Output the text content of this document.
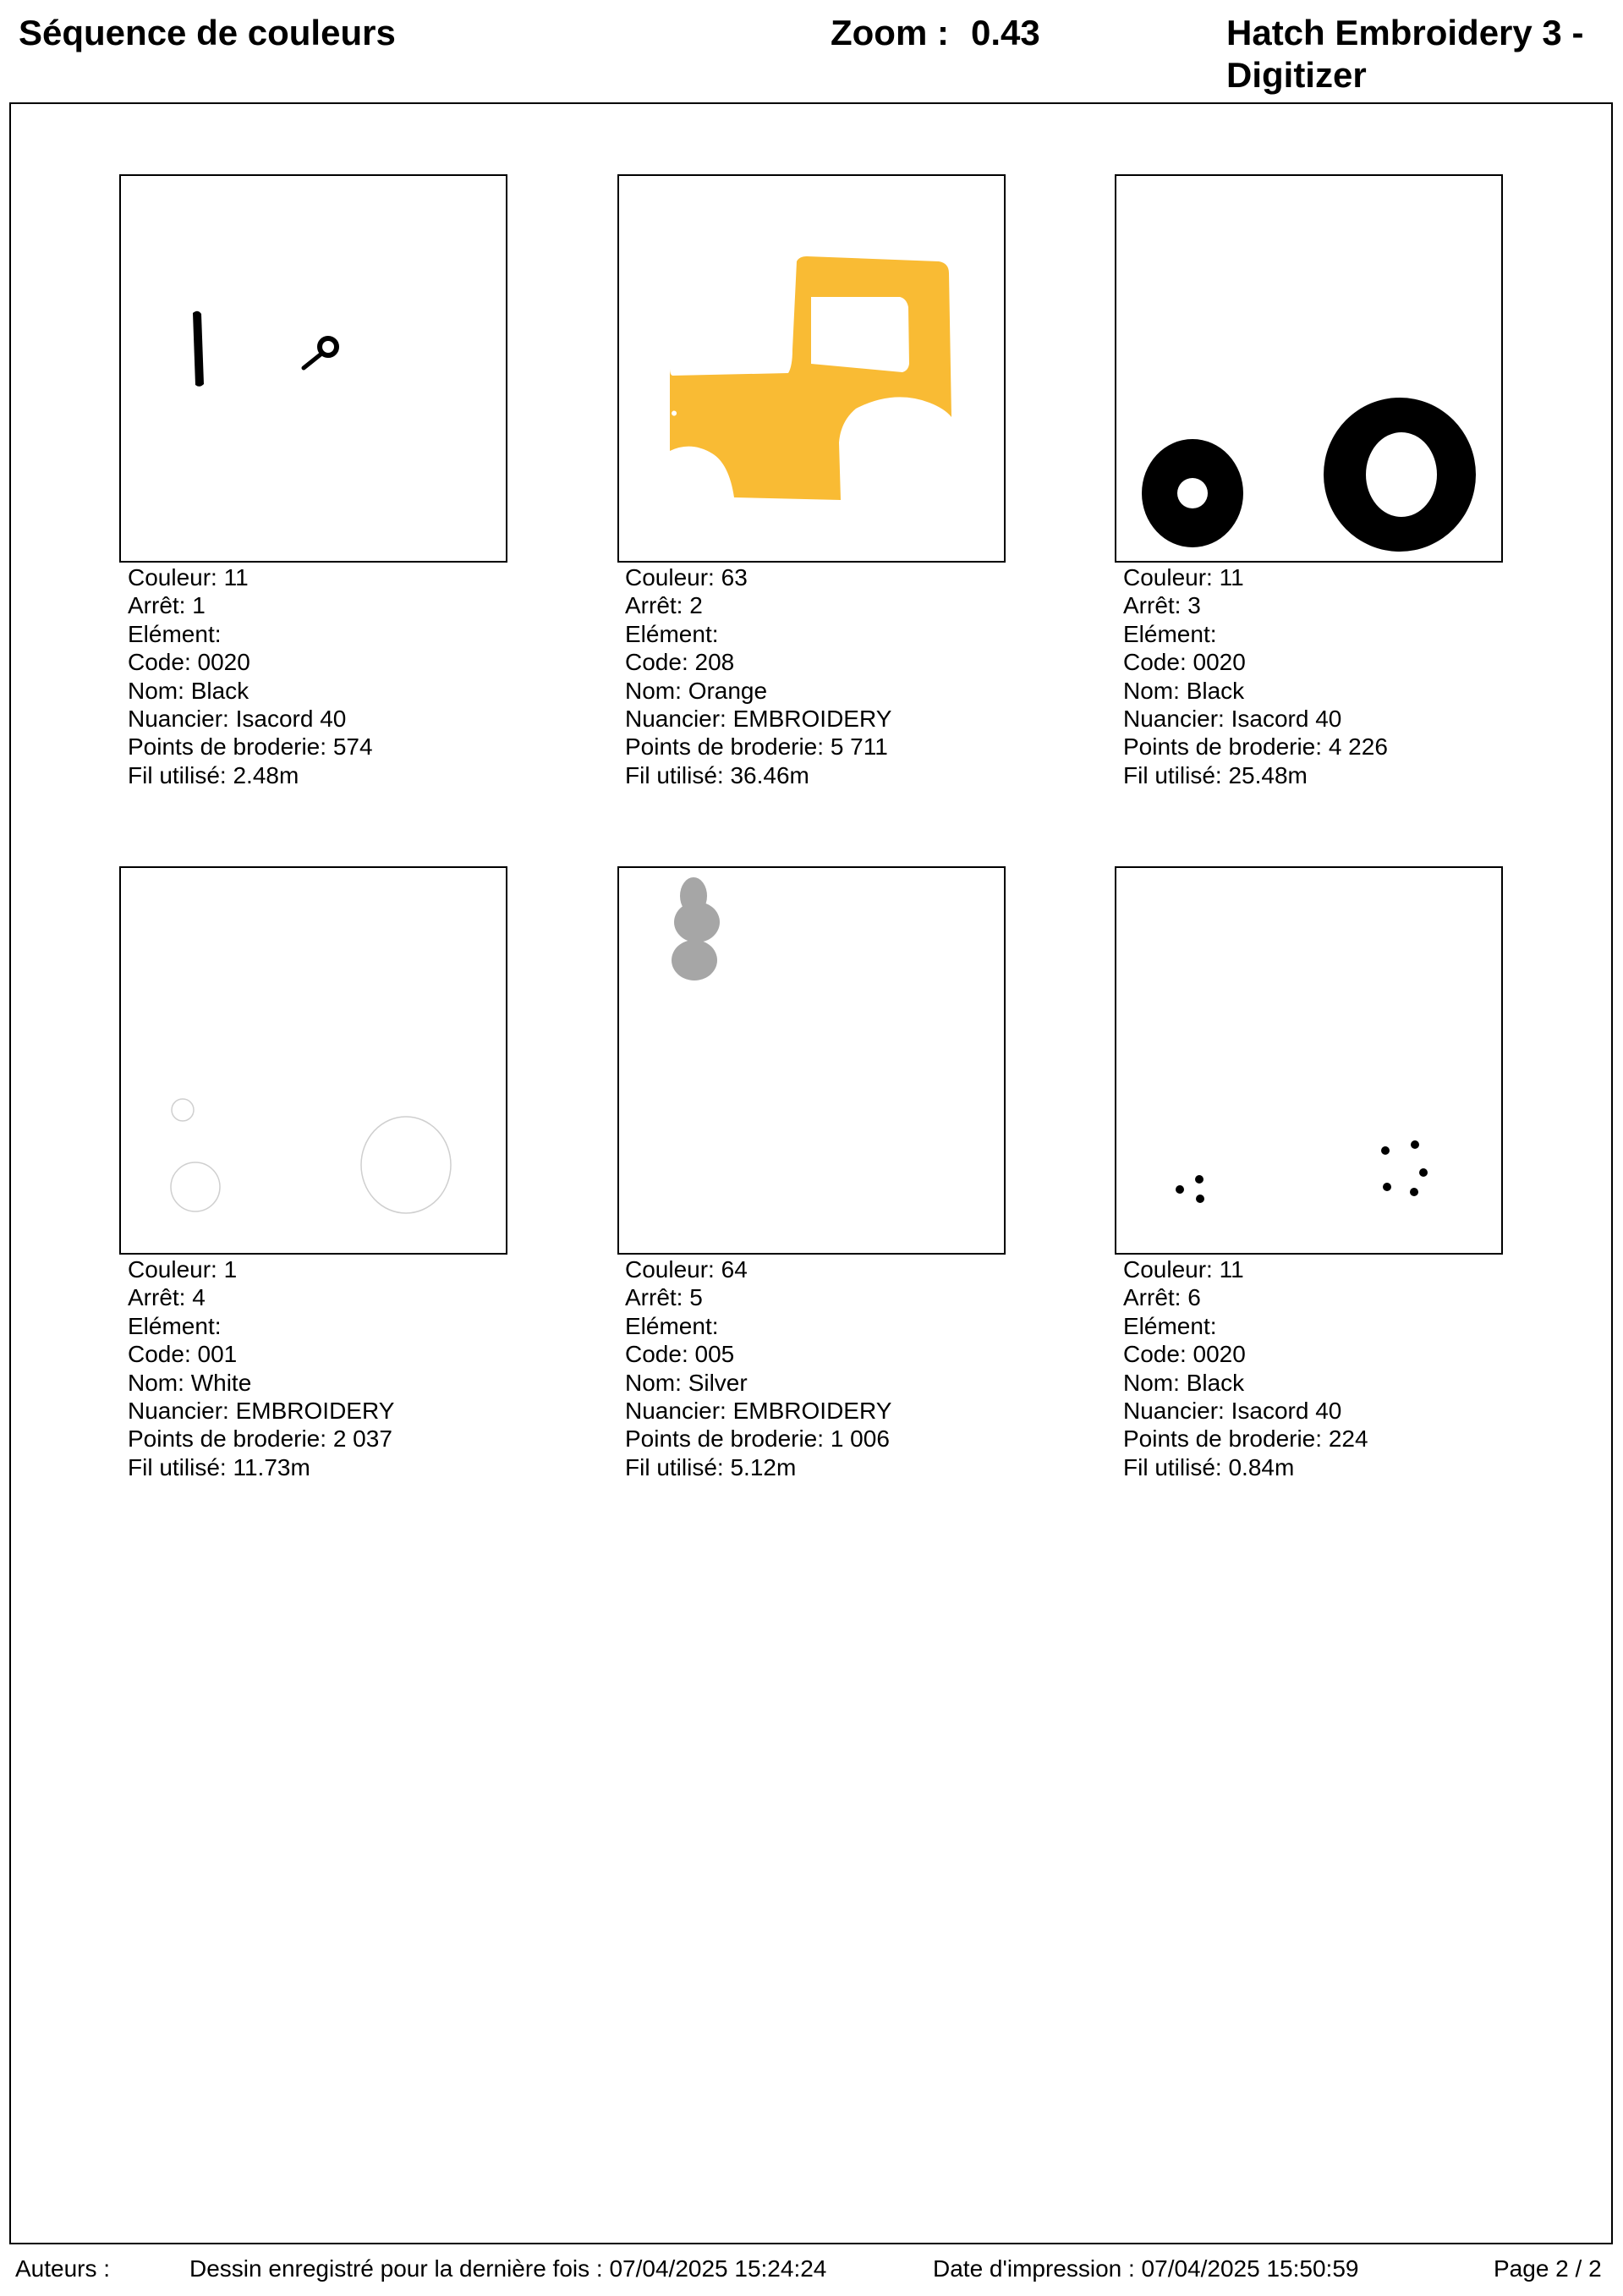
Séquence de couleurs	Zoom : 0.43	Hatch Embroidery 3 - Digitizer
Couleur: 11
Arrêt: 1
Elément:
Code: 0020
Nom: Black
Nuancier: Isacord 40
Points de broderie: 574
Fil utilisé: 2.48m
Couleur: 63
Arrêt: 2
Elément:
Code: 208
Nom: Orange
Nuancier: EMBROIDERY
Points de broderie: 5 711
Fil utilisé: 36.46m
Couleur: 11
Arrêt: 3
Elément:
Code: 0020
Nom: Black
Nuancier: Isacord 40
Points de broderie: 4 226
Fil utilisé: 25.48m
Couleur: 1
Arrêt: 4
Elément:
Code: 001
Nom: White
Nuancier: EMBROIDERY
Points de broderie: 2 037
Fil utilisé: 11.73m
Couleur: 64
Arrêt: 5
Elément:
Code: 005
Nom: Silver
Nuancier: EMBROIDERY
Points de broderie: 1 006
Fil utilisé: 5.12m
Couleur: 11
Arrêt: 6
Elément:
Code: 0020
Nom: Black
Nuancier: Isacord 40
Points de broderie: 224
Fil utilisé: 0.84m
Auteurs :	Dessin enregistré pour la dernière fois : 07/04/2025 15:24:24	Date d'impression : 07/04/2025 15:50:59	Page 2 / 2
